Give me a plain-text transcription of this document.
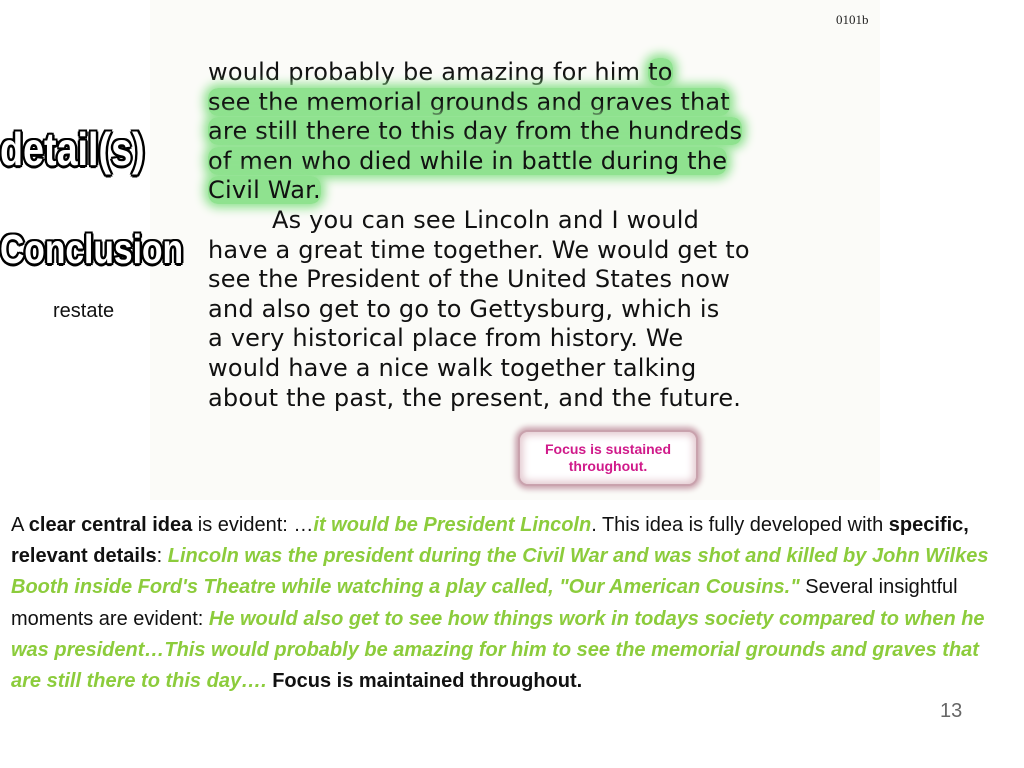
0101b
would probably be amazing for him to
see the memorial grounds and graves that
are still there to this day from the hundreds
of men who died while in battle during the
Civil War.
As you can see Lincoln and I would
have a great time together. We would get to
see the President of the United States now
and also get to go to Gettysburg, which is
a very historical place from history. We
would have a nice walk together talking
about the past, the present, and the future.
detail(s)
Conclusion
restate
Focus is sustained
throughout.
A clear central idea is evident: …it would be President Lincoln. This idea is fully developed with specific, relevant details: Lincoln was the president during the Civil War and was shot and killed by John Wilkes Booth inside Ford's Theatre while watching a play called, "Our American Cousins." Several insightful moments are evident: He would also get to see how things work in todays society compared to when he was president…This would probably be amazing for him to see the memorial grounds and graves that are still there to this day…. Focus is maintained throughout.
13
